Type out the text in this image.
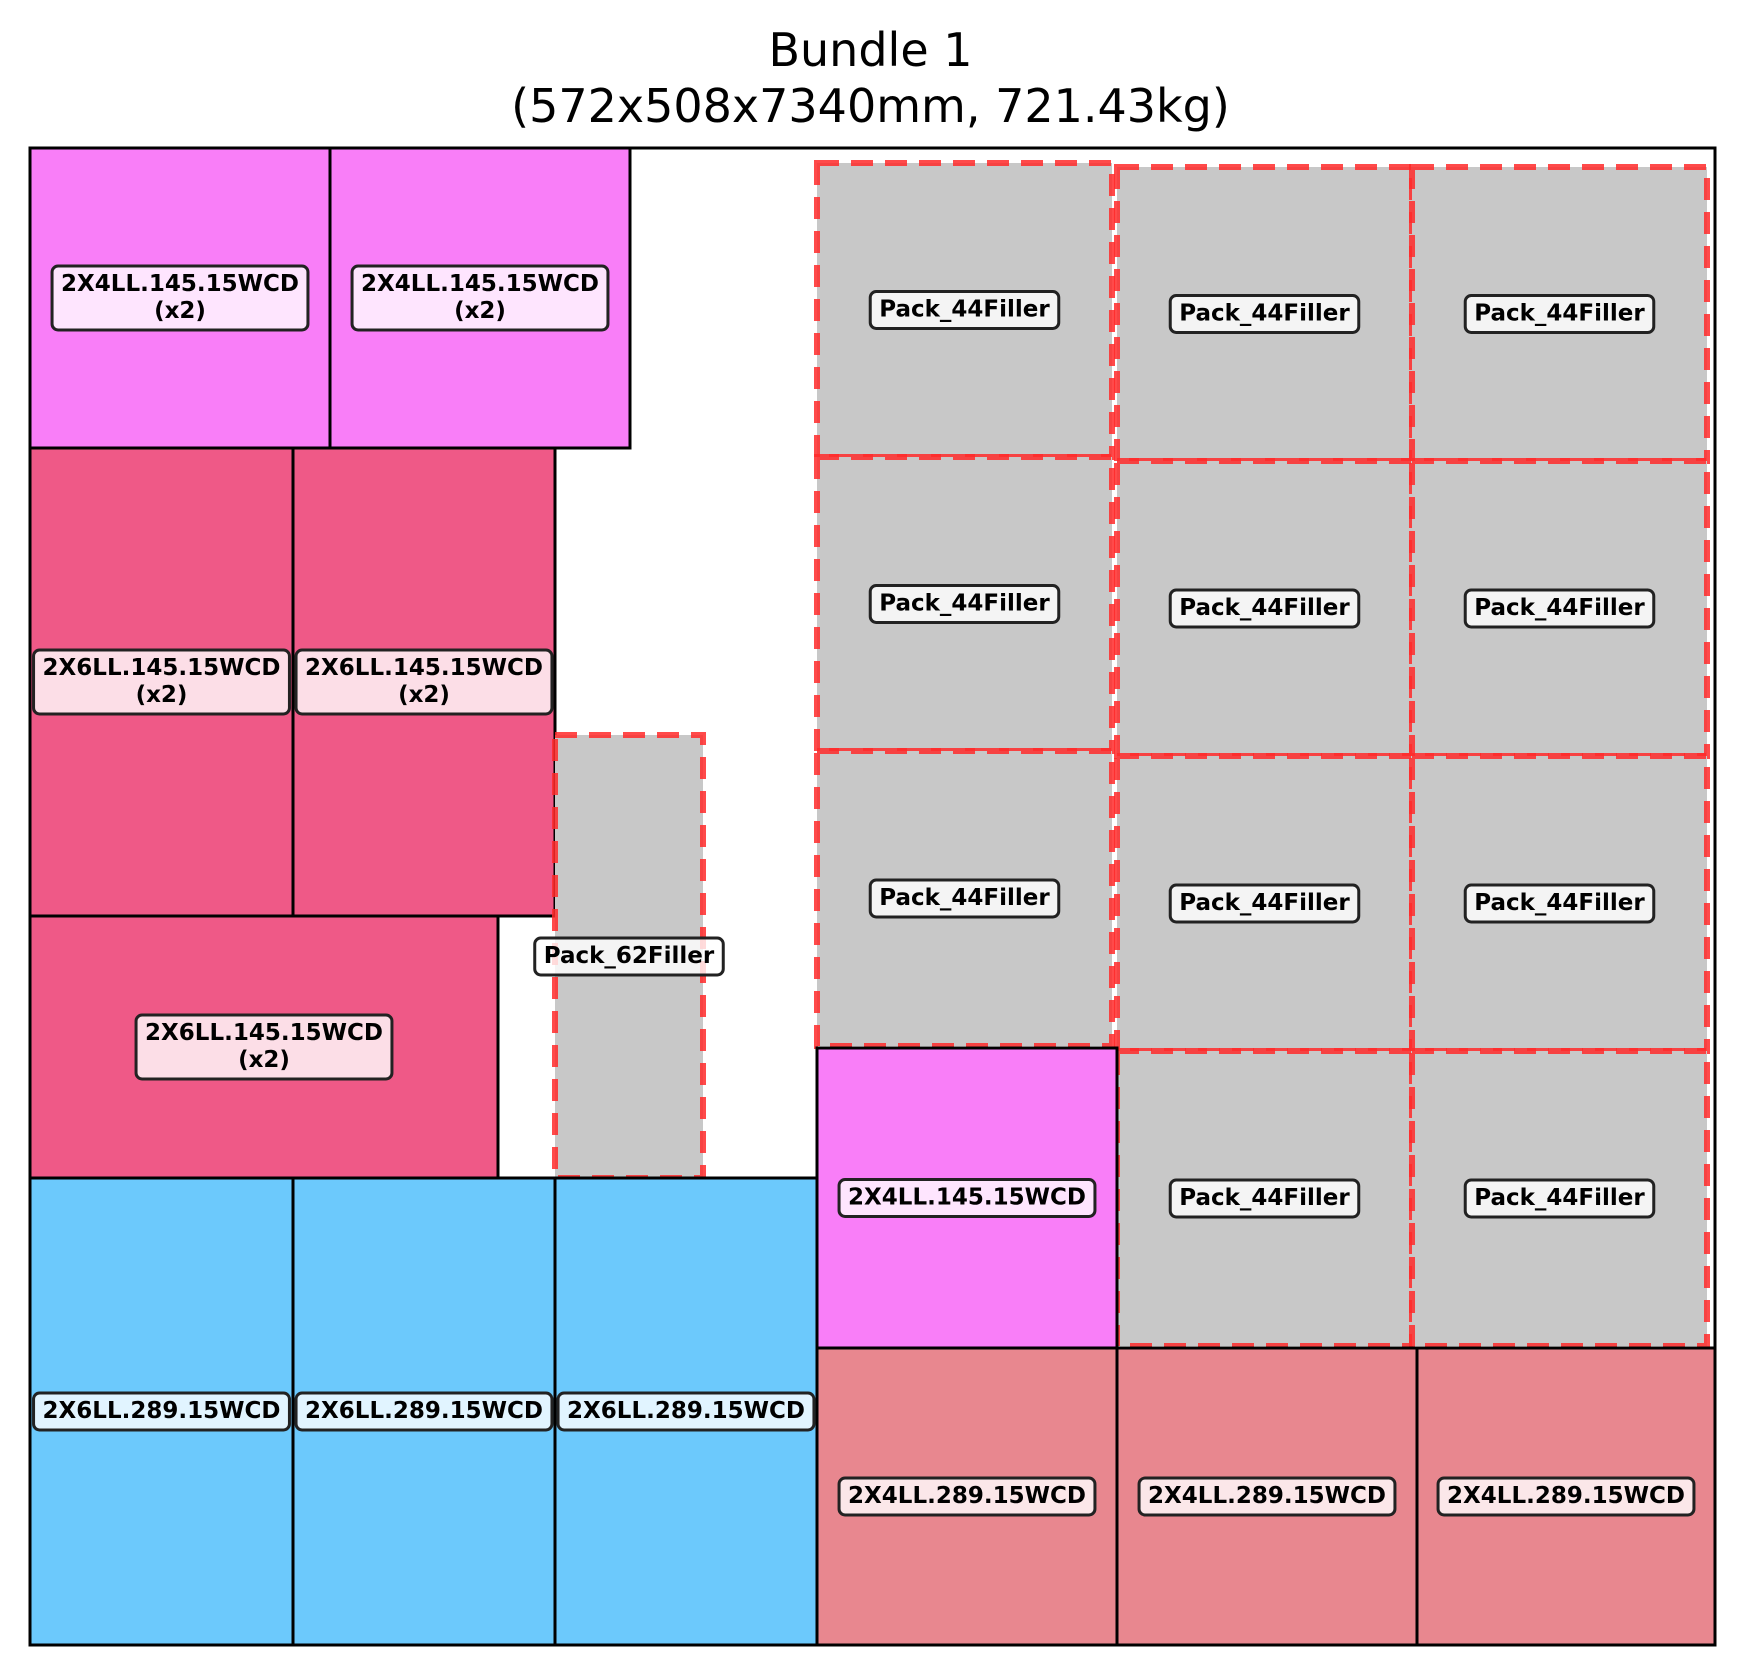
Bundle 1
(572x508x7340mm, 721.43kg)
2X4LL.145.15WCD
(x2)
2X4LL.145.15WCD
(x2)
2X6LL.145.15WCD
(x2)
2X6LL.145.15WCD
(x2)
2X6LL.145.15WCD
(x2)
Pack_62Filler
Pack_44Filler	Pack_44Filler	Pack_44Filler
Pack_44Filler	Pack_44Filler	Pack_44Filler
Pack_44Filler	Pack_44Filler	Pack_44Filler
Pack_44Filler	Pack_44Filler
2X4LL.145.15WCD
2X6LL.289.15WCD 2X6LL.289.15WCD 2X6LL.289.15WCD
2X4LL.289.15WCD	2X4LL.289.15WCD	2X4LL.289.15WCD
